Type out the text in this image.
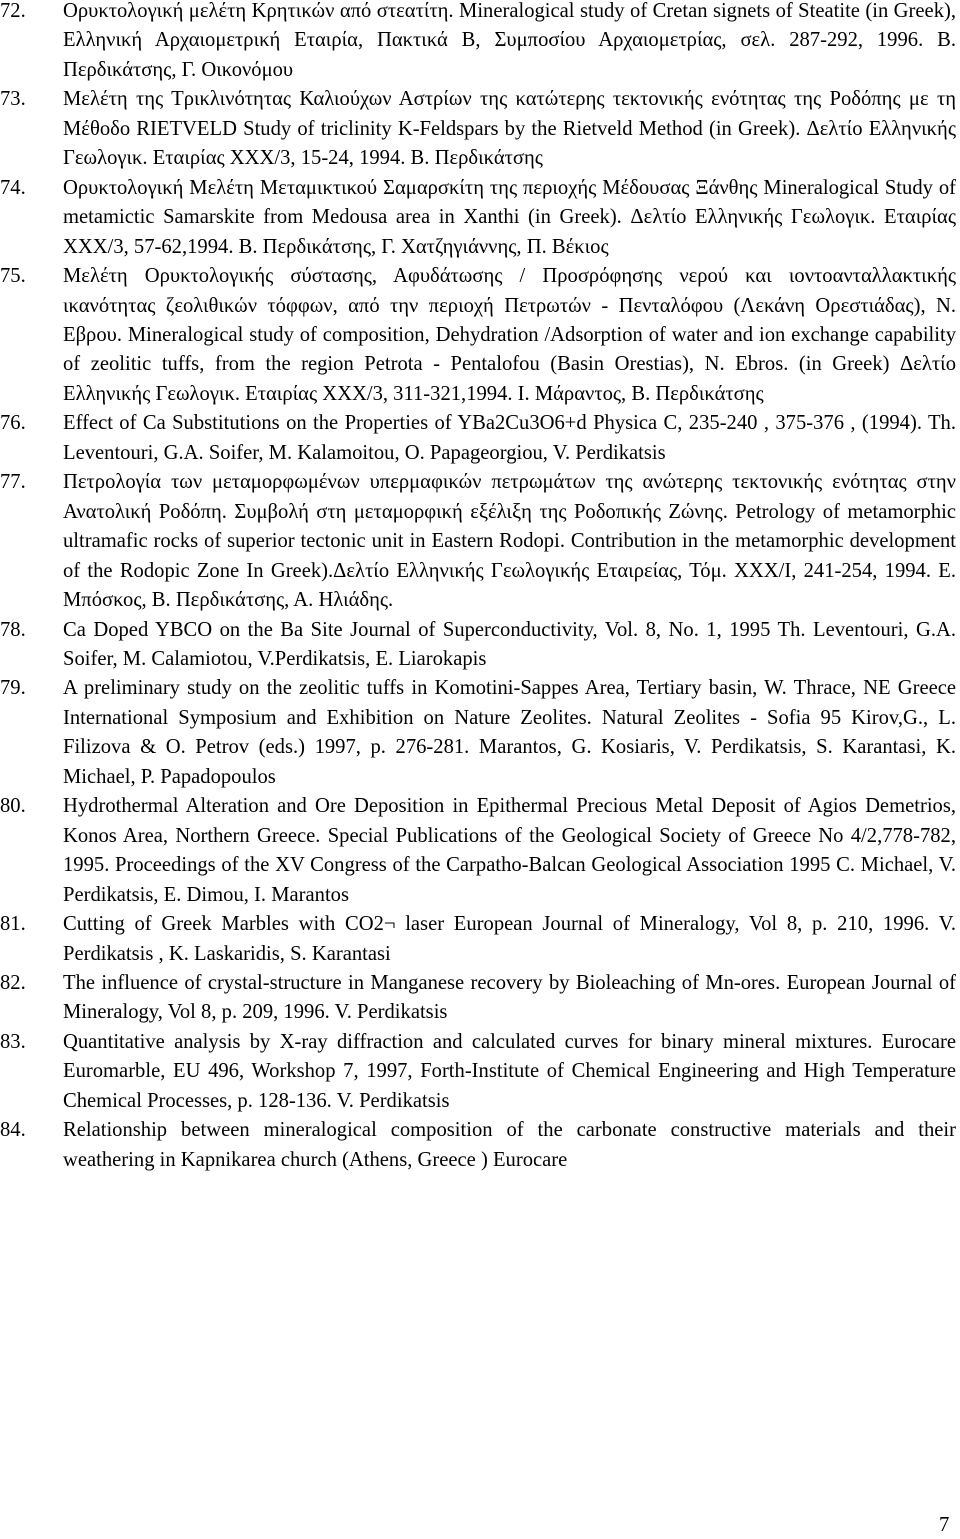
72. Ορυκτολογική μελέτη Κρητικών από στεατίτη. Mineralogical study of Cretan signets of Steatite (in Greek), Ελληνική Αρχαιομετρική Εταιρία, Πακτικά Β, Συμποσίου Αρχαιομετρίας, σελ. 287-292, 1996. Β. Περδικάτσης, Γ. Οικονόμου
73. Μελέτη της Τρικλινότητας Καλιούχων Αστρίων της κατώτερης τεκτονικής ενότητας της Ροδόπης με τη Μέθοδο RIETVELD Study of triclinity K-Feldspars by the Rietveld Method (in Greek). Δελτίο Ελληνικής Γεωλογικ. Εταιρίας XXX/3, 15-24, 1994. Β. Περδικάτσης
74. Ορυκτολογική Μελέτη Μεταμικτικού Σαμαρσκίτη της περιοχής Μέδουσας Ξάνθης Mineralogical Study of metamictic Samarskite from Medousa area in Xanthi (in Greek). Δελτίο Ελληνικής Γεωλογικ. Εταιρίας XXX/3, 57-62,1994. Β. Περδικάτσης, Γ. Χατζηγιάννης, Π. Βέκιος
75. Μελέτη Ορυκτολογικής σύστασης, Αφυδάτωσης / Προσρόφησης νερού και ιοντοανταλλακτικής ικανότητας ζεολιθικών τόφφων, από την περιοχή Πετρωτών - Πενταλόφου (Λεκάνη Ορεστιάδας), Ν. Εβρου. Mineralogical study of composition, Dehydration /Adsorption of water and ion exchange capability of zeolitic tuffs, from the region Petrota - Pentalofou (Basin Orestias), N. Ebros. (in Greek) Δελτίο Ελληνικής Γεωλογικ. Εταιρίας XXX/3, 311-321,1994. Ι. Μάραντος, Β. Περδικάτσης
76. Effect of Ca Substitutions on the Properties of YBa2Cu3O6+d Physica C, 235-240 , 375-376 , (1994). Th. Leventouri, G.A. Soifer, M. Kalamoitou, O. Papageorgiou, V. Perdikatsis
77. Πετρολογία των μεταμορφωμένων υπερμαφικών πετρωμάτων της ανώτερης τεκτονικής ενότητας στην Ανατολική Ροδόπη. Συμβολή στη μεταμορφική εξέλιξη της Ροδοπικής Ζώνης. Petrology of metamorphic ultramafic rocks of superior tectonic unit in Eastern Rodopi. Contribution in the metamorphic development of the Rodopic Zone In Greek).Δελτίο Ελληνικής Γεωλογικής Εταιρείας, Τόμ. XXX/I, 241-254, 1994. Ε. Μπόσκος, Β. Περδικάτσης, Α. Ηλιάδης.
78. Ca Doped YBCO on the Ba Site Journal of Superconductivity, Vol. 8, No. 1, 1995 Th. Leventouri, G.A. Soifer, M. Calamiotou, V.Perdikatsis, E. Liarokapis
79. A preliminary study on the zeolitic tuffs in Komotini-Sappes Area, Tertiary basin, W. Thrace, NE Greece International Symposium and Exhibition on Nature Zeolites. Natural Zeolites - Sofia 95 Kirov,G., L. Filizova & O. Petrov (eds.) 1997, p. 276-281. Marantos, G. Kosiaris, V. Perdikatsis, S. Karantasi, K. Michael, P. Papadopoulos
80. Hydrothermal Alteration and Ore Deposition in Epithermal Precious Metal Deposit of Agios Demetrios, Konos Area, Northern Greece. Special Publications of the Geological Society of Greece No 4/2,778-782, 1995. Proceedings of the XV Congress of the Carpatho-Balcan Geological Association 1995 C. Michael, V. Perdikatsis, E. Dimou, I. Marantos
81. Cutting of Greek Marbles with CO2¬ laser European Journal of Mineralogy, Vol 8, p. 210, 1996. V. Perdikatsis , K. Laskaridis, S. Karantasi
82. The influence of crystal-structure in Manganese recovery by Bioleaching of Mn-ores. European Journal of Mineralogy, Vol 8, p. 209, 1996. V. Perdikatsis
83. Quantitative analysis by X-ray diffraction and calculated curves for binary mineral mixtures. Eurocare Euromarble, EU 496, Workshop 7, 1997, Forth-Institute of Chemical Engineering and High Temperature Chemical Processes, p. 128-136. V. Perdikatsis
84. Relationship between mineralogical composition of the carbonate constructive materials and their weathering in Kapnikarea church (Athens, Greece ) Eurocare
7
